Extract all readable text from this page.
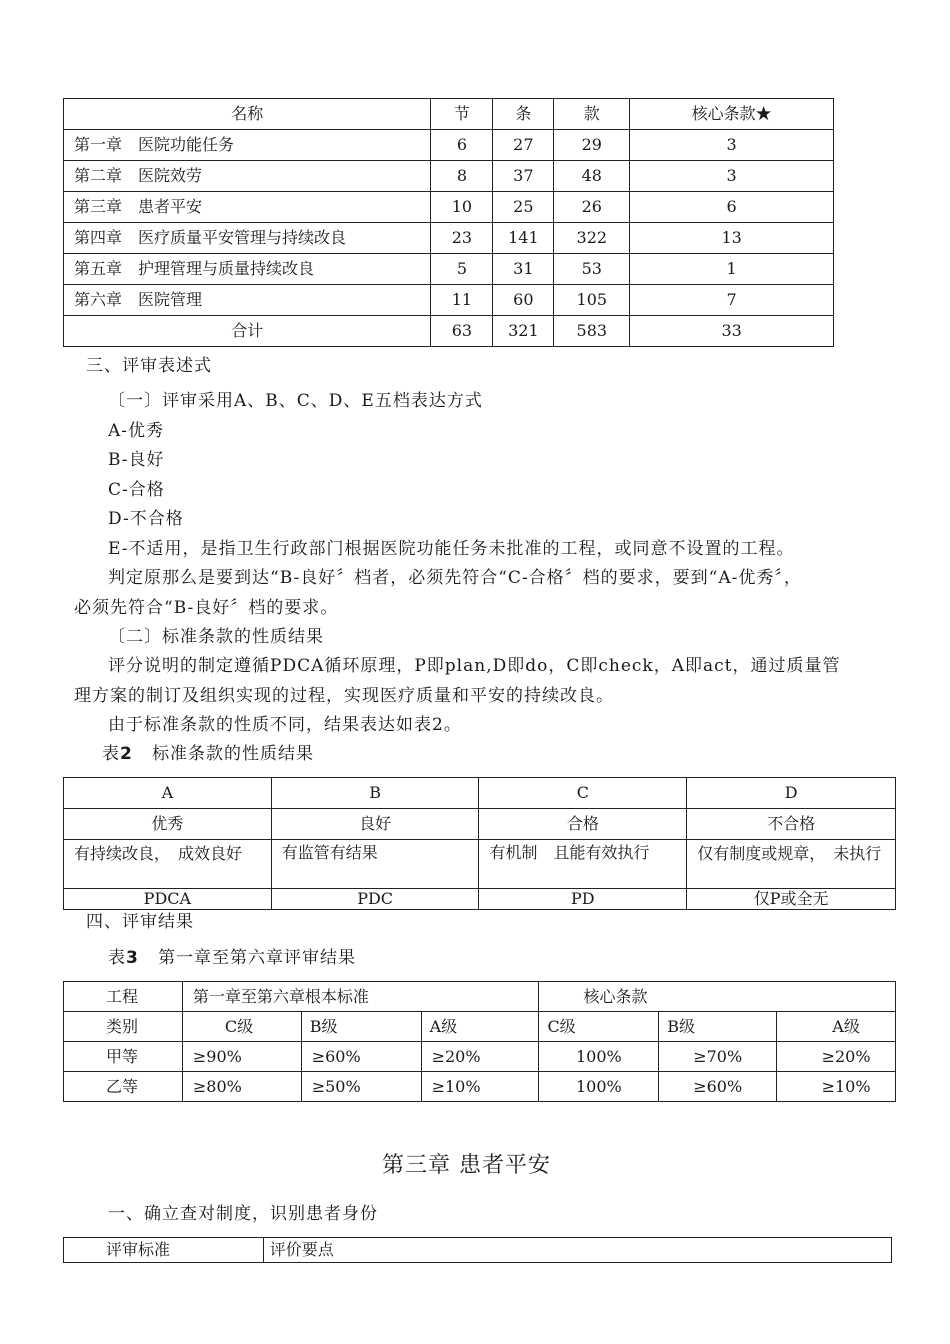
名称	节	条	款	核心条款★
第一章　医院功能任务	6	27	29	3
第二章　医院效劳	8	37	48	3
第三章　患者平安	10	25	26	6
第四章　医疗质量平安管理与持续改良	23	141	322	13
第五章　护理管理与质量持续改良	5	31	53	1
第六章　医院管理	11	60	105	7
合计	63	321	583	33
三、评审表述式
〔一〕评审采用A、B、C、D、E五档表达方式
A-优秀
B-良好
C-合格
D-不合格
E-不适用，是指卫生行政部门根据医院功能任务未批准的工程，或同意不设置的工程。
判定原那么是要到达“B-良好〞档者，必须先符合“C-合格〞档的要求，要到“A-优秀〞，
必须先符合“B-良好〞档的要求。
〔二〕标准条款的性质结果
评分说明的制定遵循PDCA循环原理，P即plan,D即do，C即check，A即act，通过质量管
理方案的制订及组织实现的过程，实现医疗质量和平安的持续改良。
由于标准条款的性质不同，结果表达如表2。
表2 标准条款的性质结果
A	B	C	D
优秀	良好	合格	不合格
有持续改良，　成效良好	有监管有结果	有机制　且能有效执行	仅有制度或规章，　未执行
PDCA	PDC	PD	仅P或全无
四、评审结果
表3 第一章至第六章评审结果
工程	第一章至第六章根本标准			核心条款		
类别	C级	B级	A级	C级	B级	A级
甲等	≥90%	≥60%	≥20%	100%	≥70%	≥20%
乙等	≥80%	≥50%	≥10%	100%	≥60%	≥10%
第三章 患者平安
一、确立查对制度，识别患者身份
评审标准	评价要点
